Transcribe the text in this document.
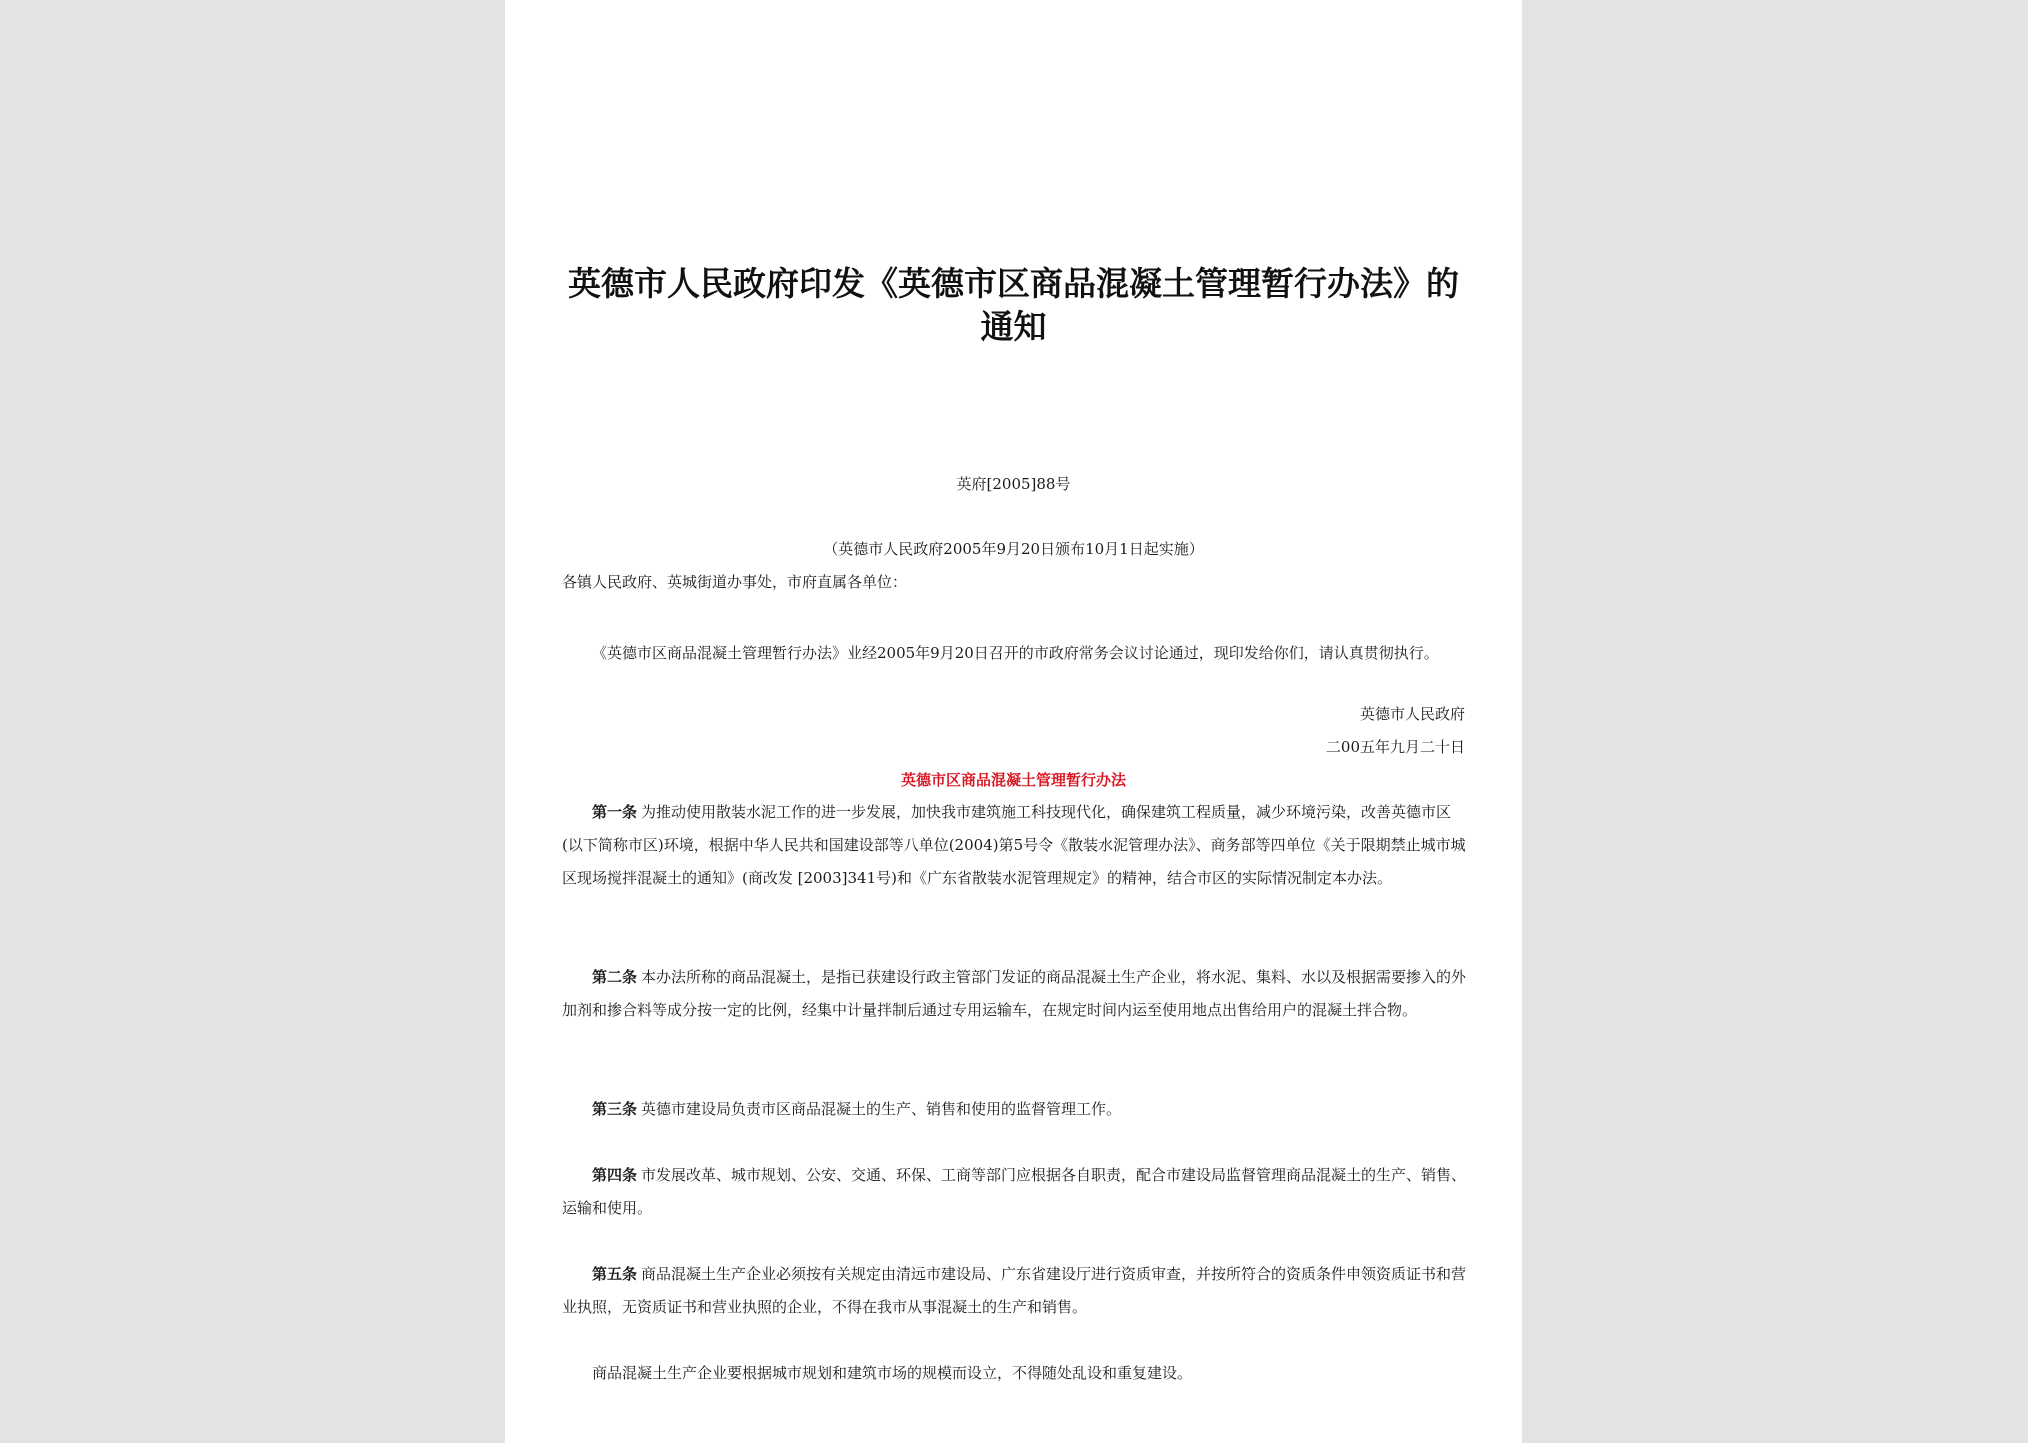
英德市人民政府印发《英德市区商品混凝土管理暂行办法》的通知
英府[2005]88号
（英德市人民政府2005年9月20日颁布10月1日起实施）
各镇人民政府、英城街道办事处，市府直属各单位：
《英德市区商品混凝土管理暂行办法》业经2005年9月20日召开的市政府常务会议讨论通过，现印发给你们，请认真贯彻执行。
英德市人民政府
二00五年九月二十日
英德市区商品混凝土管理暂行办法

第一条 为推动使用散装水泥工作的进一步发展，加快我市建筑施工科技现代化，确保建筑工程质量，减少环境污染，改善英德市区(以下简称市区)环境，根据中华人民共和国建设部等八单位(2004)第5号令《散装水泥管理办法》、商务部等四单位《关于限期禁止城市城区现场搅拌混凝土的通知》(商改发 [2003]341号)和《广东省散装水泥管理规定》的精神，结合市区的实际情况制定本办法。

第二条 本办法所称的商品混凝土，是指已获建设行政主管部门发证的商品混凝土生产企业，将水泥、集料、水以及根据需要掺入的外加剂和掺合料等成分按一定的比例，经集中计量拌制后通过专用运输车，在规定时间内运至使用地点出售给用户的混凝土拌合物。

第三条 英德市建设局负责市区商品混凝土的生产、销售和使用的监督管理工作。

第四条 市发展改革、城市规划、公安、交通、环保、工商等部门应根据各自职责，配合市建设局监督管理商品混凝土的生产、销售、运输和使用。

第五条 商品混凝土生产企业必须按有关规定由清远市建设局、广东省建设厅进行资质审查，并按所符合的资质条件申领资质证书和营业执照，无资质证书和营业执照的企业，不得在我市从事混凝土的生产和销售。

商品混凝土生产企业要根据城市规划和建筑市场的规模而设立，不得随处乱设和重复建设。
